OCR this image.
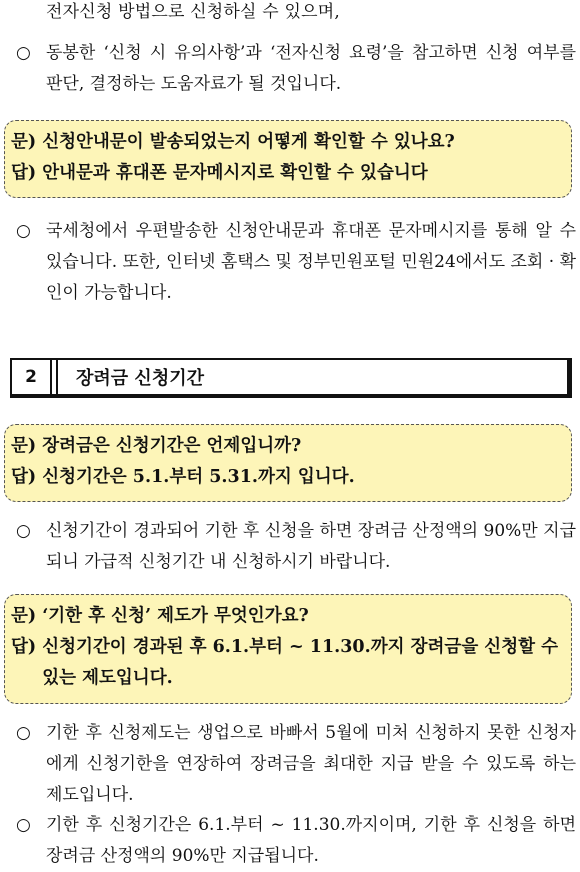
전자신청 방법으로 신청하실 수 있으며,
○ 동봉한 ‘신청 시 유의사항’과 ‘전자신청 요령’을 참고하면 신청 여부를 판단, 결정하는 도움자료가 될 것입니다.
문) 신청안내문이 발송되었는지 어떻게 확인할 수 있나요?
답) 안내문과 휴대폰 문자메시지로 확인할 수 있습니다
○ 국세청에서 우편발송한 신청안내문과 휴대폰 문자메시지를 통해 알 수 있습니다. 또한, 인터넷 홈택스 및 정부민원포털 민원24에서도 조회 · 확인이 가능합니다.
2	장려금 신청기간
문) 장려금은 신청기간은 언제입니까?
답) 신청기간은 5.1.부터 5.31.까지 입니다.
○ 신청기간이 경과되어 기한 후 신청을 하면 장려금 산정액의 90%만 지급되니 가급적 신청기간 내 신청하시기 바랍니다.
문) ‘기한 후 신청’ 제도가 무엇인가요?
답) 신청기간이 경과된 후 6.1.부터 ~ 11.30.까지 장려금을 신청할 수 있는 제도입니다.
○ 기한 후 신청제도는 생업으로 바빠서 5월에 미처 신청하지 못한 신청자에게 신청기한을 연장하여 장려금을 최대한 지급 받을 수 있도록 하는 제도입니다.
○ 기한 후 신청기간은 6.1.부터 ~ 11.30.까지이며, 기한 후 신청을 하면 장려금 산정액의 90%만 지급됩니다.
